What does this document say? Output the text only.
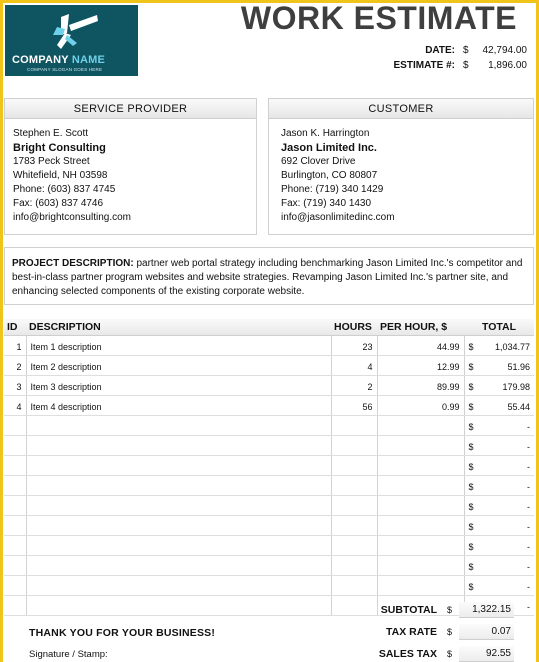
COMPANY NAME
COMPANY SLOGAN GOES HERE
WORK ESTIMATE
DATE: $	42,794.00
ESTIMATE #: $	1,896.00
SERVICE PROVIDER
Stephen E. Scott
Bright Consulting
1783 Peck Street
Whitefield, NH 03598
Phone: (603) 837 4745
Fax: (603) 837 4746
info@brightconsulting.com
CUSTOMER
Jason K. Harrington
Jason Limited Inc.
692 Clover Drive
Burlington, CO 80807
Phone: (719) 340 1429
Fax: (719) 340 1430
info@jasonlimitedinc.com
PROJECT DESCRIPTION: partner web portal strategy including benchmarking Jason Limited Inc.'s competitor and best-in-class partner program websites and website strategies. Revamping Jason Limited Inc.'s partner site, and enhancing selected components of the existing corporate website.
ID	DESCRIPTION	HOURS	PER HOUR, $	TOTAL
1	Item 1 description	23	44.99	$ 1,034.77

2	Item 2 description	4	12.99	$ 51.96

3	Item 3 description	2	89.99	$ 179.98

4	Item 4 description	56	0.99	$ 55.44

				$ -

				$ -

				$ -

				$ -

				$ -

				$ -

				$ -

				$ -

				$ -

				-
THANK YOU FOR YOUR BUSINESS!
Signature / Stamp:
SUBTOTAL	$	1,322.15
TAX RATE	$	0.07
SALES TAX	$	92.55
